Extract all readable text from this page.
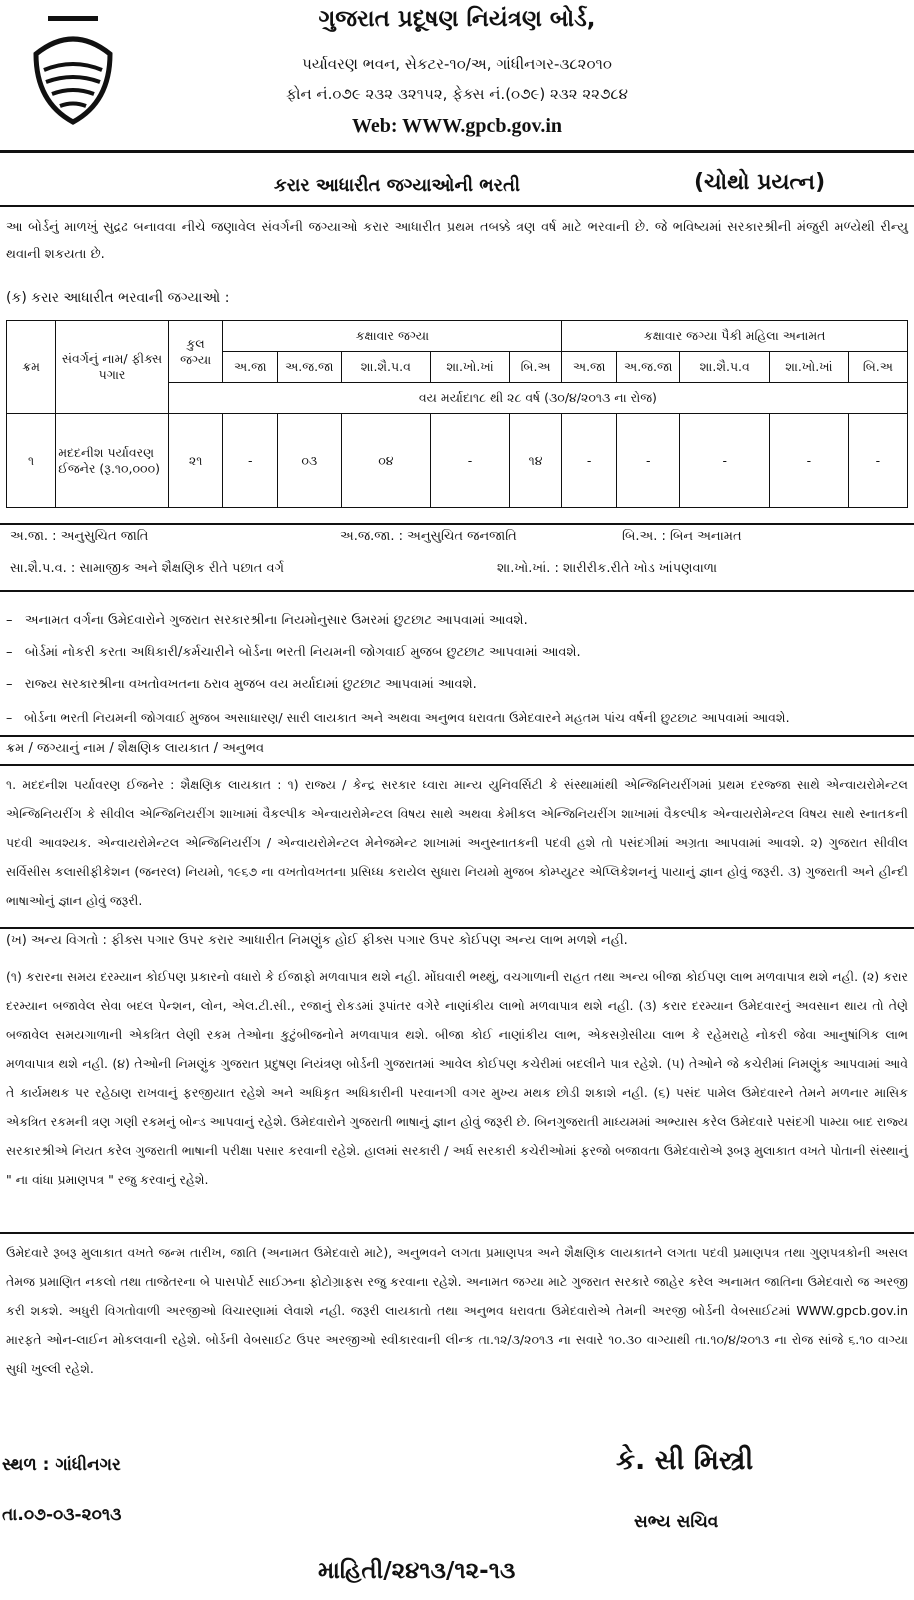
ગુજરાત પ્રદૂષણ નિયંત્રણ બોર્ડ,
પર્યાવરણ ભવન, સેકટર-૧૦/અ, ગાંધીનગર-૩૮૨૦૧૦
ફોન નં.૦૭૯ ૨૩૨ ૩૨૧૫૨, ફેક્સ નં.(૦૭૯) ૨૩૨ ૨૨૭૮૪
Web: WWW.gpcb.gov.in
કરાર આધારીત જગ્યાઓની ભરતી	(ચોથો પ્રયત્ન)
આ બોર્ડનું માળખું સુદ્રઢ બનાવવા નીચે જણાવેલ સંવર્ગની જગ્યાઓ કરાર આધારીત પ્રથમ તબક્કે ત્રણ વર્ષ માટે ભરવાની છે. જે ભવિષ્યમાં સરકારશ્રીની મંજુરી મળ્યેથી રીન્યુ થવાની શકયતા છે.
(ક) કરાર આધારીત ભરવાની જગ્યાઓ :
ક્રમ	સંવર્ગનું નામ/ ફીક્સ પગાર	કુલ જગ્યા	કક્ષાવાર જગ્યા					કક્ષાવાર જગ્યા પૈકી મહિલા અનામત				
			અ.જા	અ.જ.જા	શા.શૈ.પ.વ	શા.ખો.ખાં	બિ.અ	અ.જા	અ.જ.જા	શા.શૈ.પ.વ	શા.ખો.ખાં	બિ.અ
		વય મર્યાદા૧૮ થી ૨૮ વર્ષ (૩૦/૪/૨૦૧૩ ના રોજ)										
૧	મદદનીશ પર્યાવરણ ઈજનેર (રૂ.૧૦,૦૦૦)	૨૧	-	૦૩	૦૪	-	૧૪	-	-	-	-	-
અ.જા. : અનુસુચિત જાતિ	અ.જ.જા. : અનુસુચિત જનજાતિ	બિ.અ. : બિન અનામત
સા.શૈ.પ.વ. : સામાજીક અને શૈક્ષણિક રીતે પછાત વર્ગ	શા.ખો.ખાં. : શારીરીક.રીતે ખોડ ખાંપણવાળા
–   અનામત વર્ગના ઉમેદવારોને ગુજરાત સરકારશ્રીના નિયમોનુસાર ઉમરમાં છુટછાટ આપવામાં આવશે.
–   બોર્ડમાં નોકરી કરતા અધિકારી/કર્મચારીને બોર્ડના ભરતી નિયમની જોગવાઈ મુજબ છુટછાટ આપવામાં આવશે.
–   રાજ્ય સરકારશ્રીના વખતોવખતના ઠરાવ મુજબ વય મર્યાદામાં છુટછાટ આપવામાં આવશે.
–   બોર્ડના ભરતી નિયમની જોગવાઈ મુજબ અસાધારણ/ સારી લાયકાત અને અથવા અનુભવ ધરાવતા ઉમેદવારને મહતમ પાંચ વર્ષની છુટછાટ આપવામાં આવશે.
ક્રમ / જગ્યાનું નામ / શૈક્ષણિક લાયકાત / અનુભવ
૧. મદદનીશ પર્યાવરણ ઈજનેર : શૈક્ષણિક લાયકાત : ૧) રાજ્ય / કેન્દ્ર સરકાર ધ્વારા માન્ય યુનિવર્સિટી કે સંસ્થામાંથી એન્જિનિયરીંગમાં પ્રથમ દરજ્જા સાથે એન્વાયરોમેન્ટલ એન્જિનિયરીંગ કે સીવીલ એન્જિનિયરીંગ શાખામાં વૈકલ્પીક એન્વાયરોમેન્ટલ વિષય સાથે અથવા કેમીકલ એન્જિનિયરીંગ શાખામાં વૈકલ્પીક એન્વાયરોમેન્ટલ વિષય સાથે સ્નાતકની પદવી આવશ્યક. એન્વાયરોમેન્ટલ એન્જિનિયરીંગ / એન્વાયરોમેન્ટલ મેનેજમેન્ટ શાખામાં અનુસ્નાતકની પદવી હશે તો પસંદગીમાં અગ્રતા આપવામાં આવશે. ૨) ગુજરાત સીવીલ સર્વિસીસ કલાસીફીકેશન (જનરલ) નિયમો, ૧૯૬૭ ના વખતોવખતના પ્રસિધ્ધ કરાયેલ સુધારા નિયમો મુજબ કોમ્પ્યુટર એપ્લિકેશનનું પાયાનું જ્ઞાન હોવું જરૂરી. ૩) ગુજરાતી અને હીન્દી ભાષાઓનું જ્ઞાન હોવું જરૂરી.
(ખ) અન્ય વિગતો : ફીક્સ પગાર ઉપર કરાર આધારીત નિમણુંક હોઈ ફીક્સ પગાર ઉપર કોઈપણ અન્ય લાભ મળશે નહી.
(૧) કરારના સમય દરમ્યાન કોઈપણ પ્રકારનો વધારો કે ઈજાફો મળવાપાત્ર થશે નહી. મોંઘવારી ભથ્થું, વચગાળાની રાહત તથા અન્ય બીજા કોઈપણ લાભ મળવાપાત્ર થશે નહી. (૨) કરાર દરમ્યાન બજાવેલ સેવા બદલ પેન્શન, લોન, એલ.ટી.સી., રજાનું રોકડમાં રૂપાંતર વગેરે નાણાંકીય લાભો મળવાપાત્ર થશે નહી. (૩) કરાર દરમ્યાન ઉમેદવારનું અવસાન થાય તો તેણે બજાવેલ સમયગાળાની એકત્રિત લેણી રકમ તેઓના કુટુંબીજનોને મળવાપાત્ર થશે. બીજા કોઈ નાણાંકીય લાભ, એકસગ્રેસીયા લાભ કે રહેમરાહે નોકરી જેવા આનુષાંગિક લાભ મળવાપાત્ર થશે નહી. (૪) તેઓની નિમણુંક ગુજરાત પ્રદુષણ નિયંત્રણ બોર્ડની ગુજરાતમાં આવેલ કોઈપણ કચેરીમાં બદલીને પાત્ર રહેશે. (૫) તેઓને જે કચેરીમાં નિમણુંક આપવામાં આવે તે કાર્યમથક પર રહેઠાણ રાખવાનું ફરજીયાત રહેશે અને અધિકૃત અધિકારીની પરવાનગી વગર મુખ્ય મથક છોડી શકાશે નહી. (૬) પસંદ પામેલ ઉમેદવારને તેમને મળનાર માસિક એકત્રિત રકમની ત્રણ ગણી રકમનું બોન્ડ આપવાનું રહેશે. ઉમેદવારોને ગુજરાતી ભાષાનું જ્ઞાન હોવું જરૂરી છે. બિનગુજરાતી માધ્યમમાં અભ્યાસ કરેલ ઉમેદવારે પસંદગી પામ્યા બાદ રાજ્ય સરકારશ્રીએ નિયત કરેલ ગુજરાતી ભાષાની પરીક્ષા પસાર કરવાની રહેશે. હાલમાં સરકારી / અર્ધ સરકારી કચેરીઓમાં ફરજો બજાવતા ઉમેદવારોએ રૂબરૂ મુલાકાત વખતે પોતાની સંસ્થાનું " ના વાંધા પ્રમાણપત્ર " રજુ કરવાનું રહેશે.
ઉમેદવારે રૂબરૂ મુલાકાત વખતે જન્મ તારીખ, જાતિ (અનામત ઉમેદવારો માટે), અનુભવને લગતા પ્રમાણપત્ર અને શૈક્ષણિક લાયકાતને લગતા પદવી પ્રમાણપત્ર તથા ગુણપત્રકોની અસલ તેમજ પ્રમાણિત નકલો તથા તાજેતરના બે પાસપોર્ટ સાઈઝના ફોટોગ્રાફસ રજુ કરવાના રહેશે. અનામત જગ્યા માટે ગુજરાત સરકારે જાહેર કરેલ અનામત જાતિના ઉમેદવારો જ અરજી કરી શકશે. અધુરી વિગતોવાળી અરજીઓ વિચારણામાં લેવાશે નહી. જરૂરી લાયકાતો તથા અનુભવ ધરાવતા ઉમેદવારોએ તેમની અરજી બોર્ડની વેબસાઈટમાં WWW.gpcb.gov.in મારફતે ઓન-લાઈન મોકલવાની રહેશે. બોર્ડની વેબસાઈટ ઉપર અરજીઓ સ્વીકારવાની લીન્ક તા.૧૨/૩/૨૦૧૩ ના સવારે ૧૦.૩૦ વાગ્યાથી તા.૧૦/૪/૨૦૧૩ ના રોજ સાંજે ૬.૧૦ વાગ્યા સુધી ખુલ્લી રહેશે.
સ્થળ : ગાંધીનગર
તા.૦૭-૦૩-૨૦૧૩
કે. સી મિસ્ત્રી
સભ્ય સચિવ
માહિતી/૨૪૧૩/૧૨-૧૩
